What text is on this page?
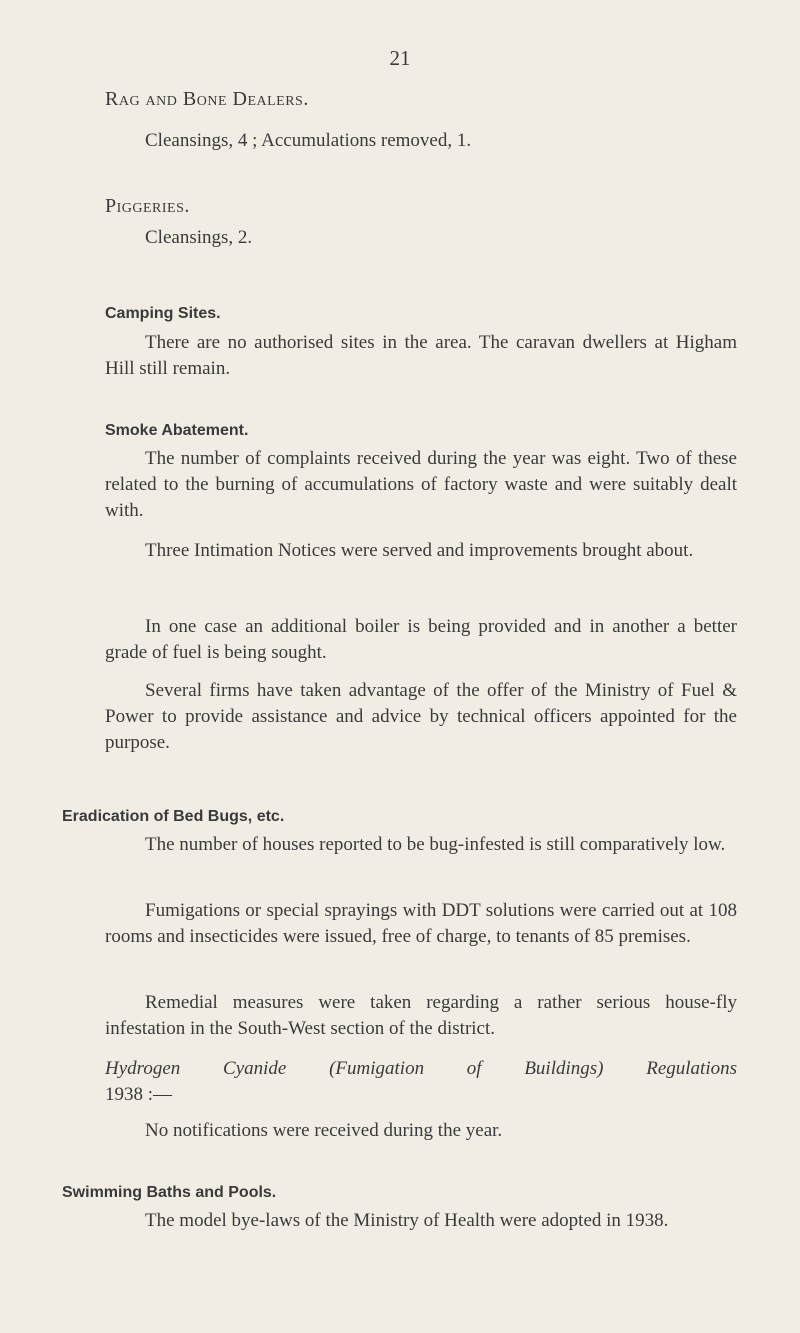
21
Rag and Bone Dealers.
Cleansings, 4 ; Accumulations removed, 1.
Piggeries.
Cleansings, 2.
Camping Sites.
There are no authorised sites in the area. The caravan dwellers at Higham Hill still remain.
Smoke Abatement.
The number of complaints received during the year was eight. Two of these related to the burning of accumulations of factory waste and were suitably dealt with.
Three Intimation Notices were served and improvements brought about.
In one case an additional boiler is being provided and in another a better grade of fuel is being sought.
Several firms have taken advantage of the offer of the Ministry of Fuel & Power to provide assistance and advice by technical officers appointed for the purpose.
Eradication of Bed Bugs, etc.
The number of houses reported to be bug-infested is still comparatively low.
Fumigations or special sprayings with DDT solutions were carried out at 108 rooms and insecticides were issued, free of charge, to tenants of 85 premises.
Remedial measures were taken regarding a rather serious house-fly infestation in the South-West section of the district.
Hydrogen Cyanide (Fumigation of Buildings) Regulations
1938 :—
No notifications were received during the year.
Swimming Baths and Pools.
The model bye-laws of the Ministry of Health were adopted in 1938.
